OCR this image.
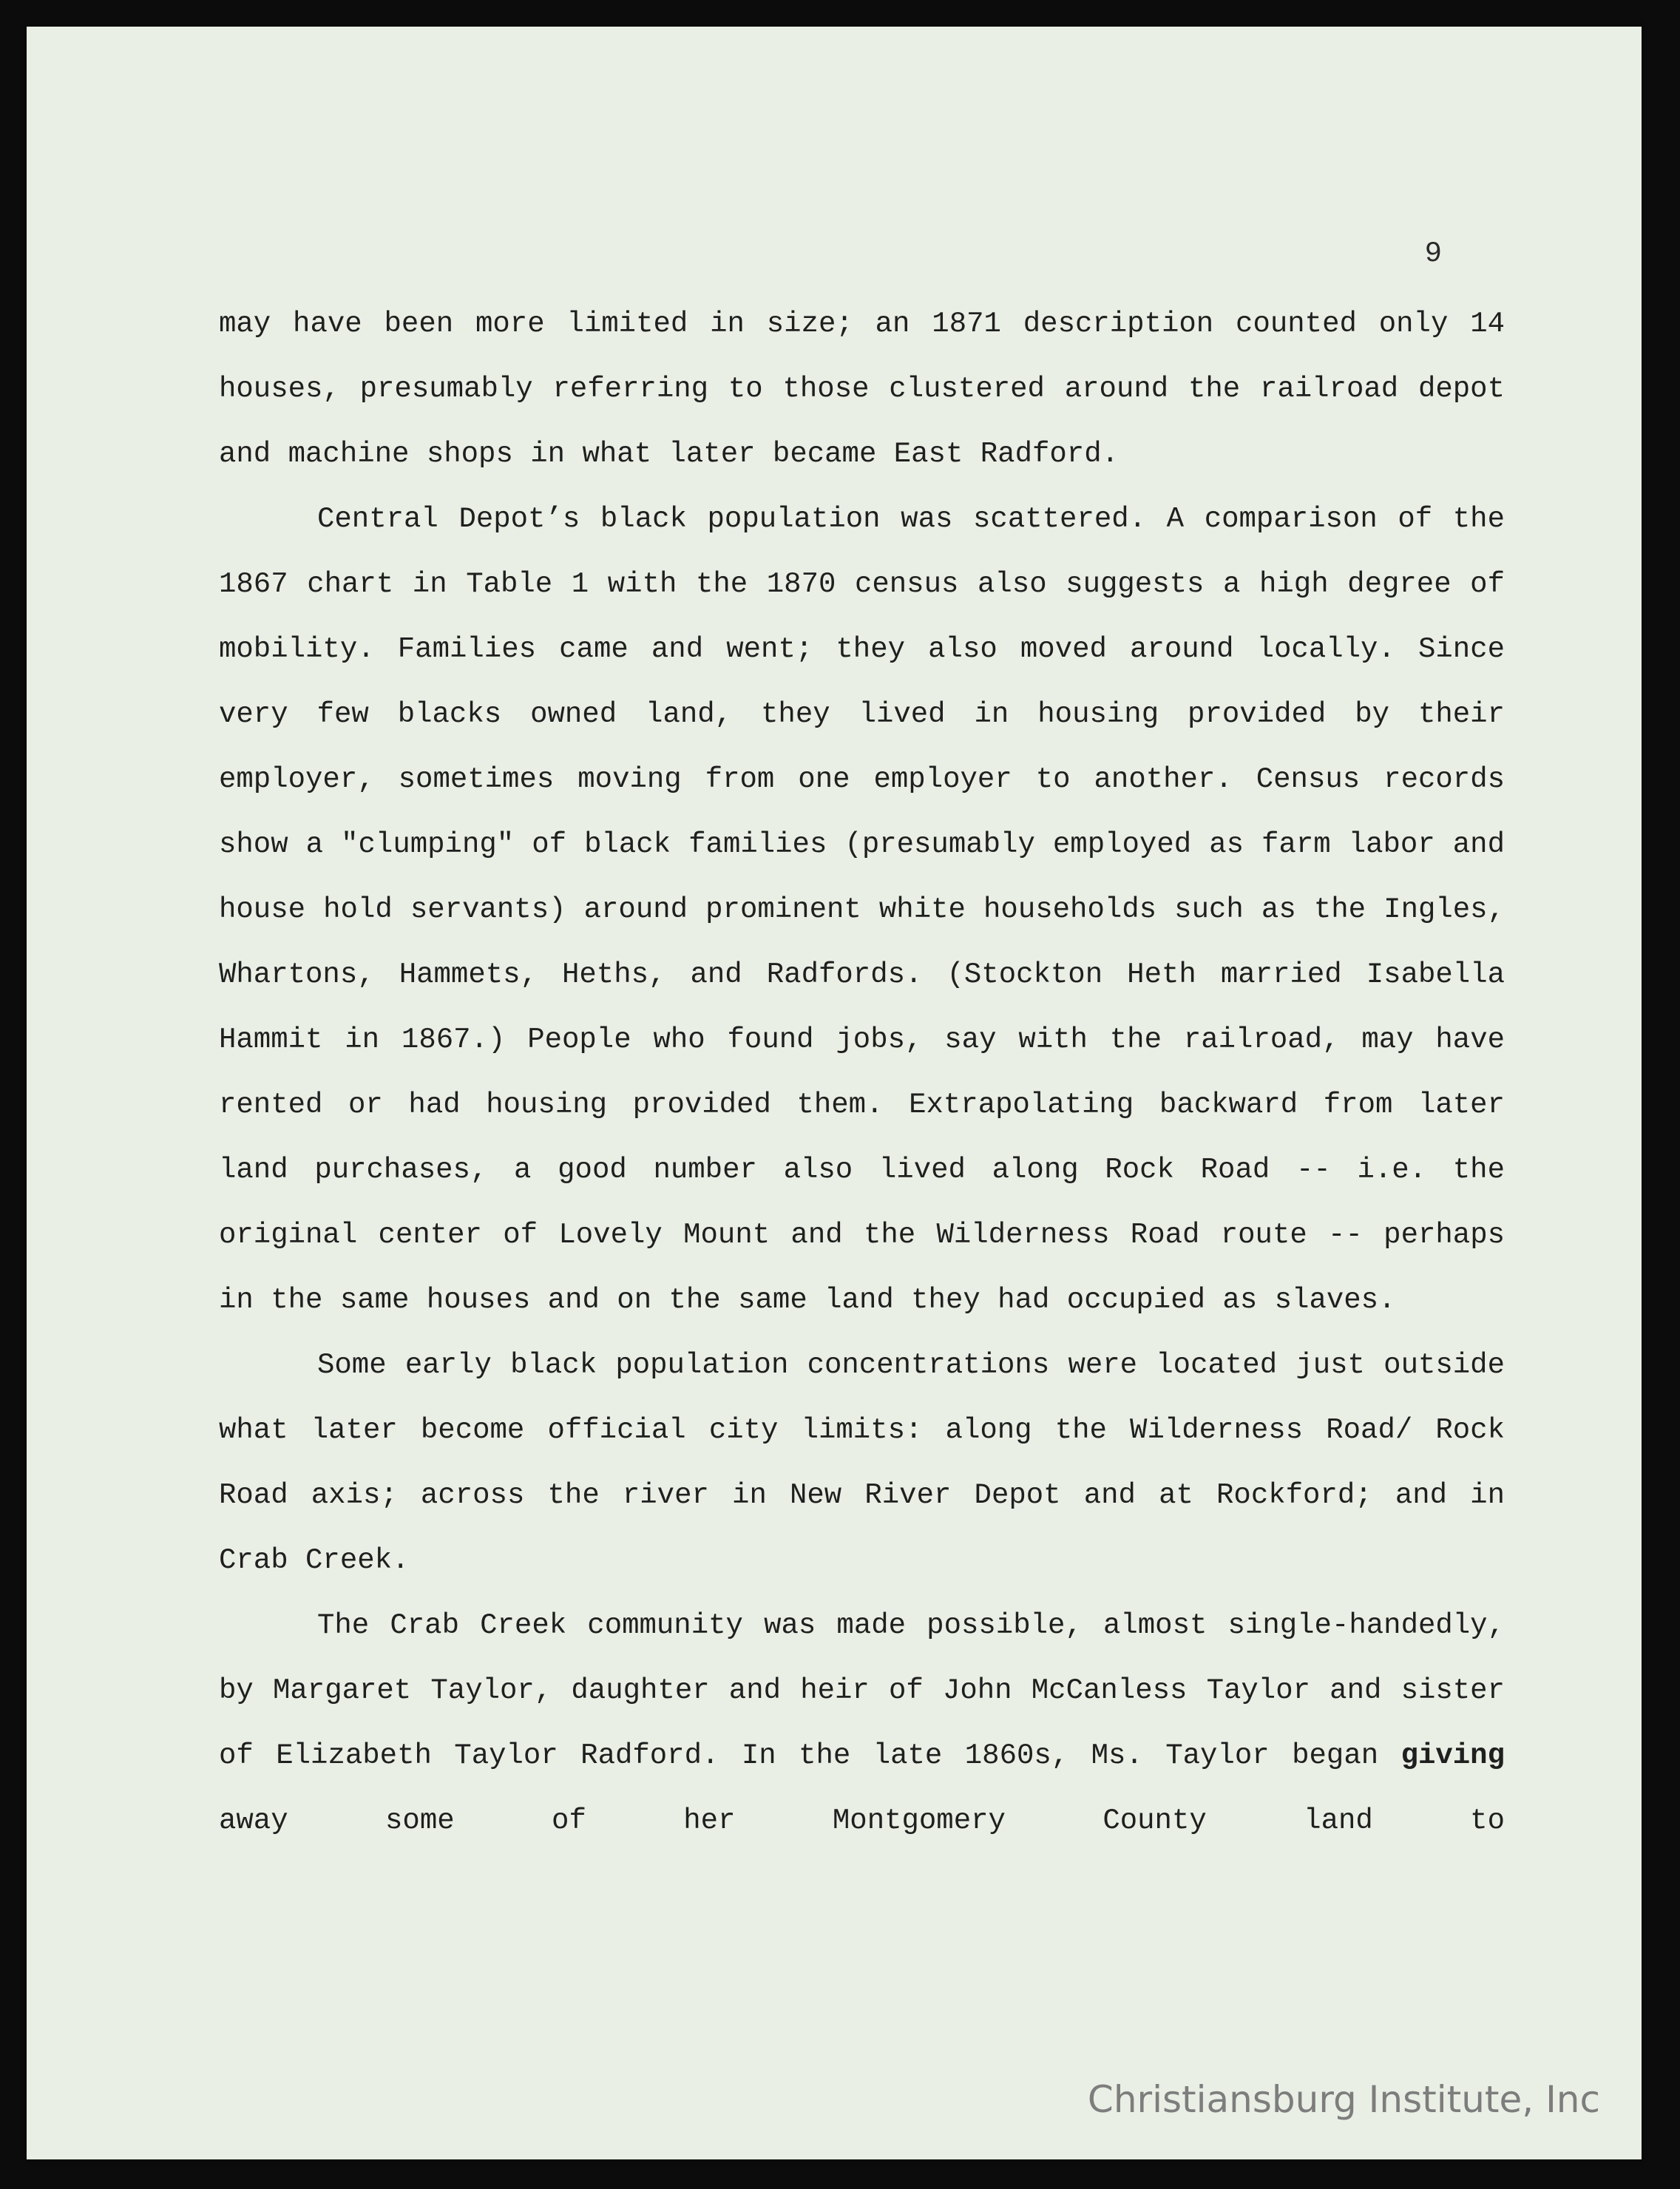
9

may have been more limited in size; an 1871 description counted only 14 houses, presumably referring to those clustered around the railroad depot and machine shops in what later became East Radford.

Central Depot’s black population was scattered. A comparison of the 1867 chart in Table 1 with the 1870 census also suggests a high degree of mobility. Families came and went; they also moved around locally. Since very few blacks owned land, they lived in housing provided by their employer, sometimes moving from one employer to another. Census records show a "clumping" of black families (presumably employed as farm labor and house hold servants) around prominent white households such as the Ingles, Whartons, Hammets, Heths, and Radfords. (Stockton Heth married Isabella Hammit in 1867.) People who found jobs, say with the railroad, may have rented or had housing provided them. Extrapolating backward from later land purchases, a good number also lived along Rock Road -- i.e. the original center of Lovely Mount and the Wilderness Road route -- perhaps in the same houses and on the same land they had occupied as slaves.

Some early black population concentrations were located just outside what later become official city limits: along the Wilderness Road/ Rock Road axis; across the river in New River Depot and at Rockford; and in Crab Creek.

The Crab Creek community was made possible, almost single-handedly, by Margaret Taylor, daughter and heir of John McCanless Taylor and sister of Elizabeth Taylor Radford. In the late 1860s, Ms. Taylor began giving away some of her Montgomery County land to

Christiansburg Institute, Inc
